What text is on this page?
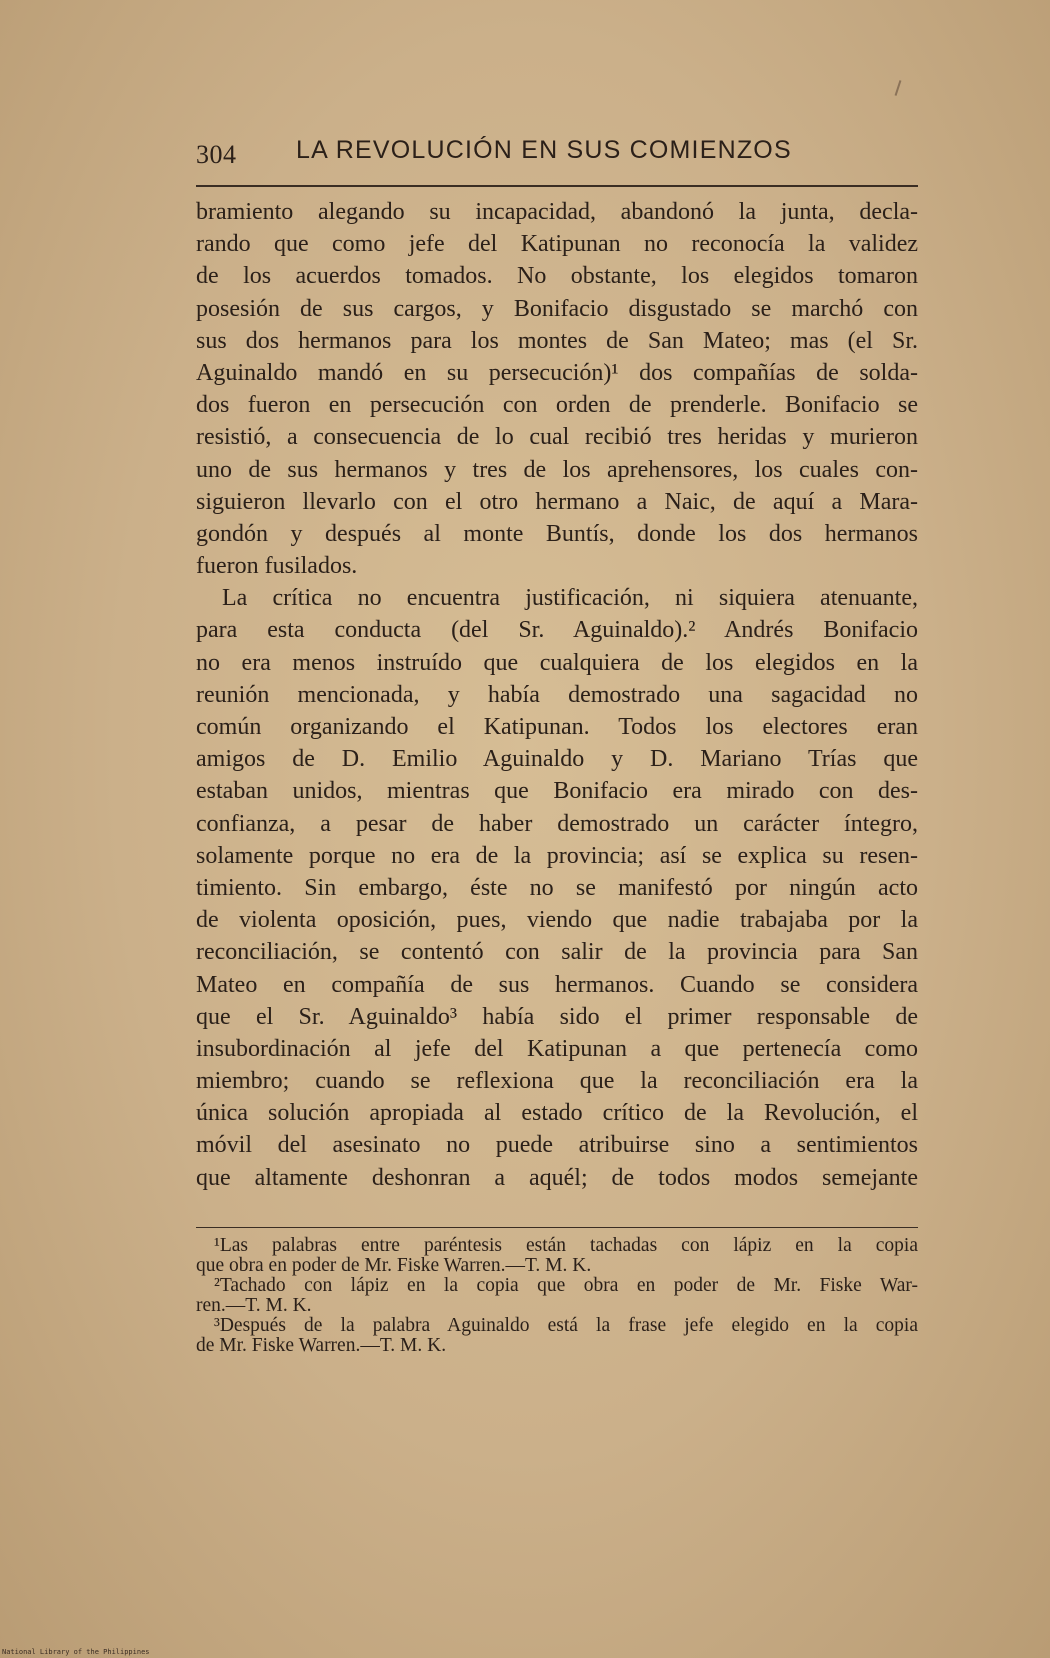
304 LA REVOLUCIÓN EN SUS COMIENZOS
bramiento alegando su incapacidad, abandonó la junta, decla-
rando que como jefe del Katipunan no reconocía la validez
de los acuerdos tomados. No obstante, los elegidos tomaron
posesión de sus cargos, y Bonifacio disgustado se marchó con
sus dos hermanos para los montes de San Mateo; mas (el Sr.
Aguinaldo mandó en su persecución)¹ dos compañías de solda-
dos fueron en persecución con orden de prenderle. Bonifacio se
resistió, a consecuencia de lo cual recibió tres heridas y murieron
uno de sus hermanos y tres de los aprehensores, los cuales con-
siguieron llevarlo con el otro hermano a Naic, de aquí a Mara-
gondón y después al monte Buntís, donde los dos hermanos
fueron fusilados.
La crítica no encuentra justificación, ni siquiera atenuante,
para esta conducta (del Sr. Aguinaldo).² Andrés Bonifacio
no era menos instruído que cualquiera de los elegidos en la
reunión mencionada, y había demostrado una sagacidad no
común organizando el Katipunan. Todos los electores eran
amigos de D. Emilio Aguinaldo y D. Mariano Trías que
estaban unidos, mientras que Bonifacio era mirado con des-
confianza, a pesar de haber demostrado un carácter íntegro,
solamente porque no era de la provincia; así se explica su resen-
timiento. Sin embargo, éste no se manifestó por ningún acto
de violenta oposición, pues, viendo que nadie trabajaba por la
reconciliación, se contentó con salir de la provincia para San
Mateo en compañía de sus hermanos. Cuando se considera
que el Sr. Aguinaldo³ había sido el primer responsable de
insubordinación al jefe del Katipunan a que pertenecía como
miembro; cuando se reflexiona que la reconciliación era la
única solución apropiada al estado crítico de la Revolución, el
móvil del asesinato no puede atribuirse sino a sentimientos
que altamente deshonran a aquél; de todos modos semejante
¹Las palabras entre paréntesis están tachadas con lápiz en la copia
que obra en poder de Mr. Fiske Warren.—T. M. K.
²Tachado con lápiz en la copia que obra en poder de Mr. Fiske War-
ren.—T. M. K.
³Después de la palabra Aguinaldo está la frase jefe elegido en la copia
de Mr. Fiske Warren.—T. M. K.
National Library of the Philippines
